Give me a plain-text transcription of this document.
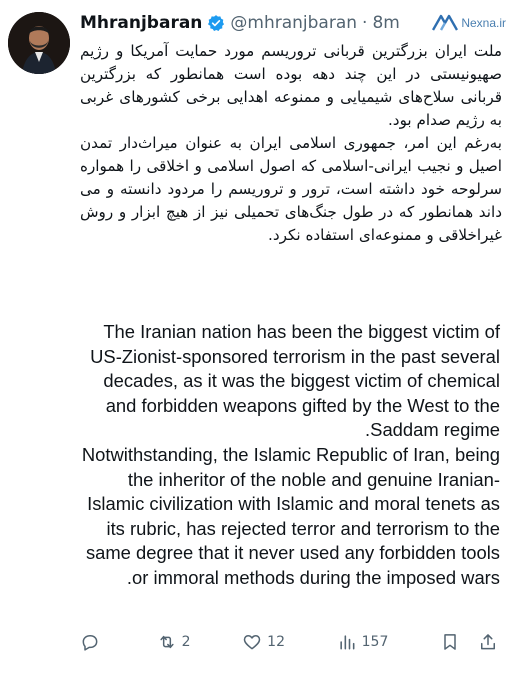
Mhranjbaran @mhranjbaran · 8m	Nexna.ir

ملت ایران بزرگترین قربانی تروریسم مورد حمایت آمریکا و رژیم صهیونیستی در این چند دهه بوده است همانطور که بزرگترین قربانی سلاح‌های شیمیایی و ممنوعه اهدایی برخی کشورهای غربی به رژیم صدام بود.

به‌رغم این امر، جمهوری اسلامی ایران به عنوان میراث‌دار تمدن اصیل و نجیب ایرانی-اسلامی که اصول اسلامی و اخلاقی را همواره سرلوحه خود داشته است، ترور و تروریسم را مردود دانسته و می داند همانطور که در طول جنگ‌های تحمیلی نیز از هیچ ابزار و روش غیراخلاقی و ممنوعه‌ای استفاده نکرد.

The Iranian nation has been the biggest victim of US-Zionist-sponsored terrorism in the past several decades, as it was the biggest victim of chemical and forbidden weapons gifted by the West to the Saddam regime.

Notwithstanding, the Islamic Republic of Iran, being the inheritor of the noble and genuine Iranian-Islamic civilization with Islamic and moral tenets as its rubric, has rejected terror and terrorism to the same degree that it never used any forbidden tools or immoral methods during the imposed wars.

2	12	157
